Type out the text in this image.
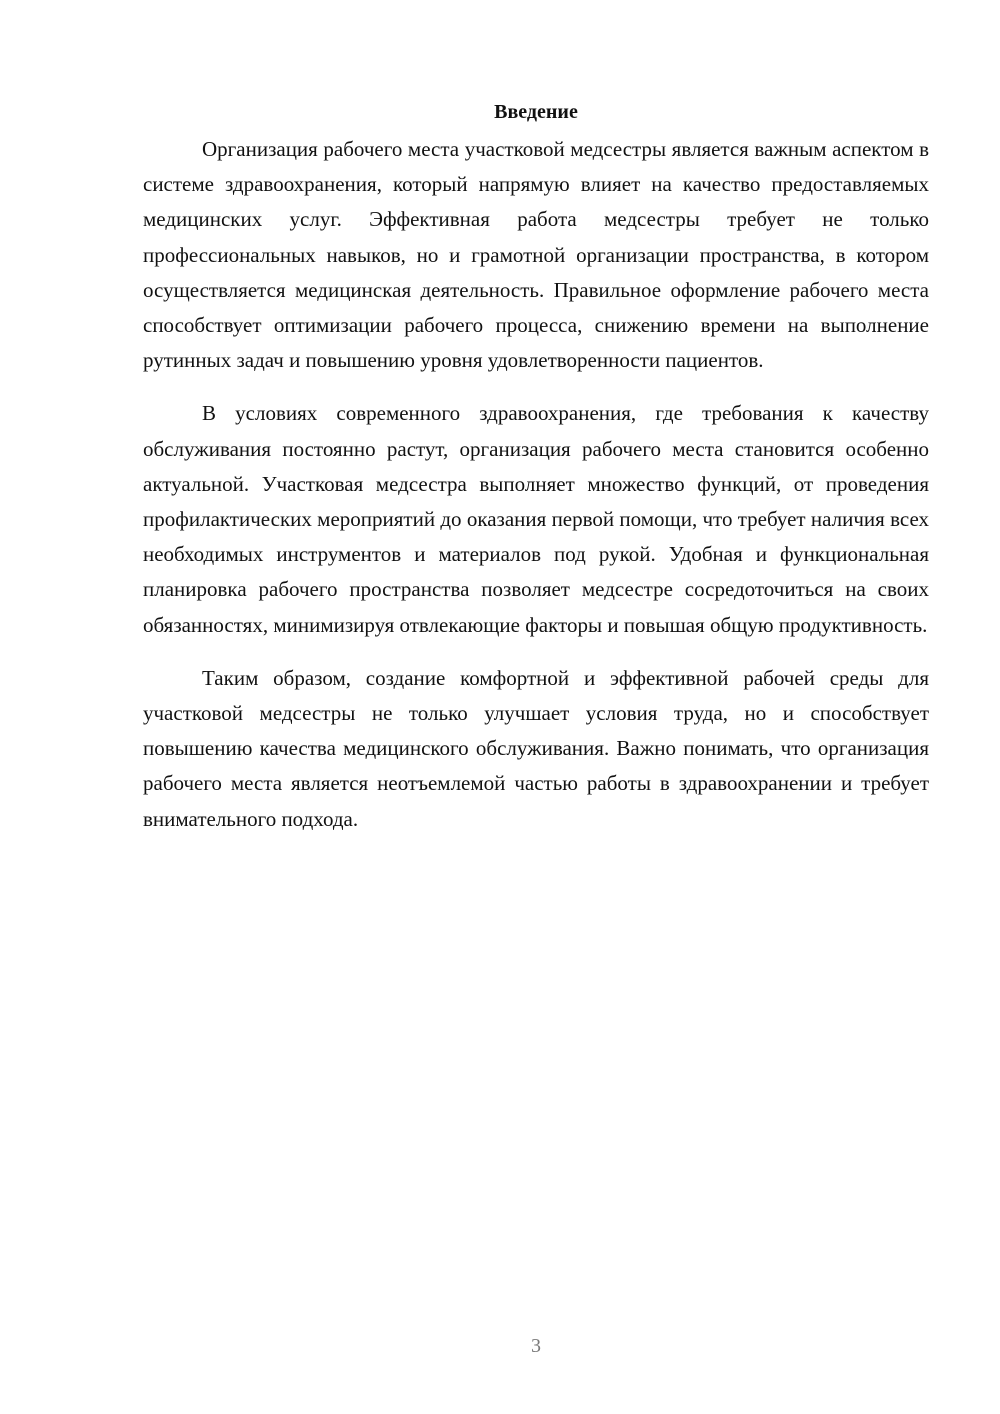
Введение

Организация рабочего места участковой медсестры является важным аспектом в системе здравоохранения, который напрямую влияет на качество предоставляемых медицинских услуг. Эффективная работа медсестры требует не только профессиональных навыков, но и грамотной организации пространства, в котором осуществляется медицинская деятельность. Правильное оформление рабочего места способствует оптимизации рабочего процесса, снижению времени на выполнение рутинных задач и повышению уровня удовлетворенности пациентов.

В условиях современного здравоохранения, где требования к качеству обслуживания постоянно растут, организация рабочего места становится особенно актуальной. Участковая медсестра выполняет множество функций, от проведения профилактических мероприятий до оказания первой помощи, что требует наличия всех необходимых инструментов и материалов под рукой. Удобная и функциональная планировка рабочего пространства позволяет медсестре сосредоточиться на своих обязанностях, минимизируя отвлекающие факторы и повышая общую продуктивность.

Таким образом, создание комфортной и эффективной рабочей среды для участковой медсестры не только улучшает условия труда, но и способствует повышению качества медицинского обслуживания. Важно понимать, что организация рабочего места является неотъемлемой частью работы в здравоохранении и требует внимательного подхода.

3
